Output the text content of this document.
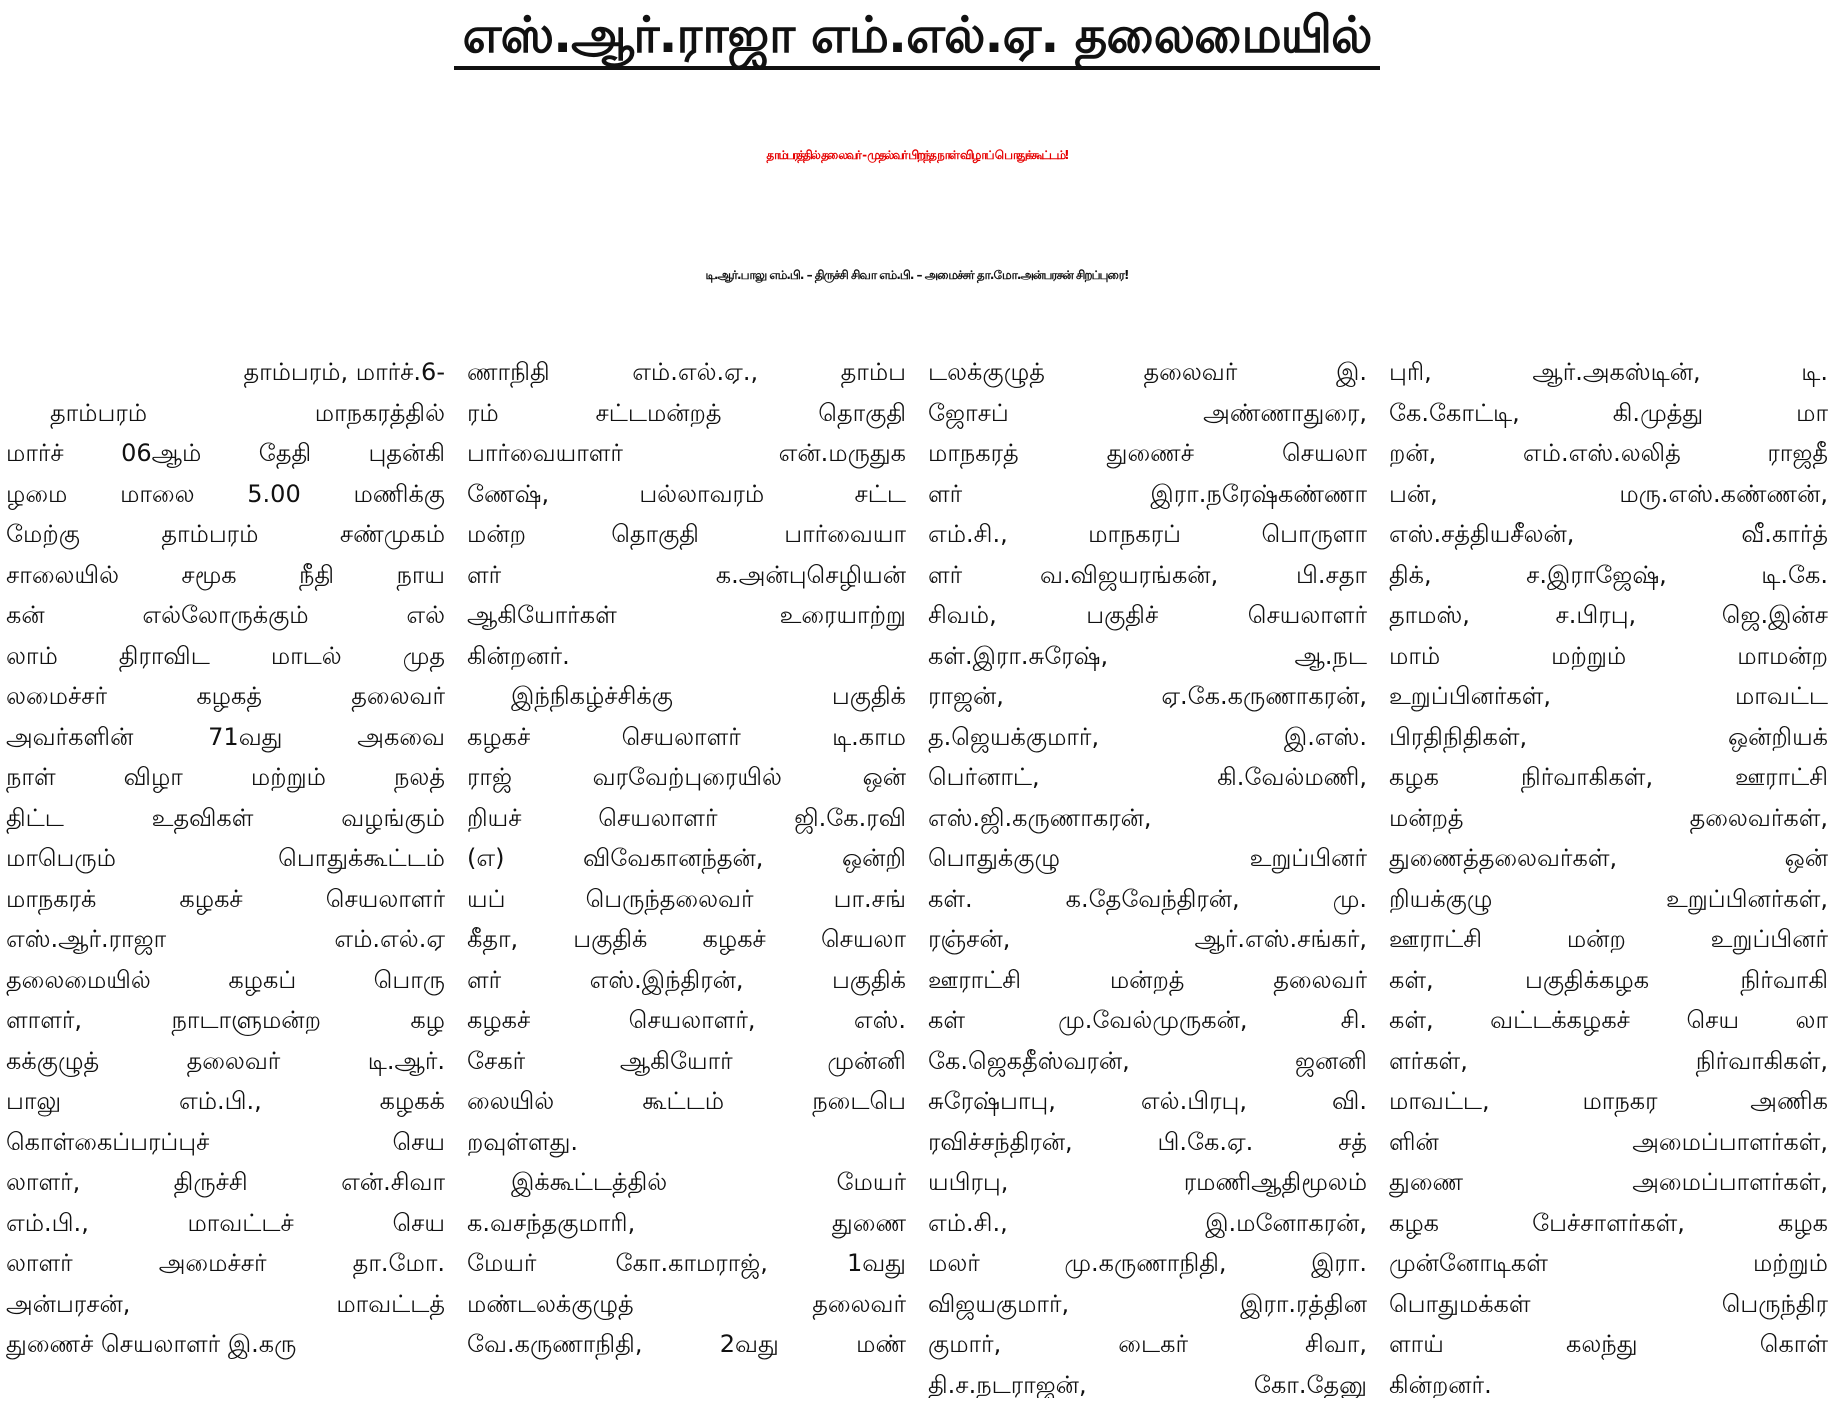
எஸ்.ஆர்.ராஜா எம்.எல்.ஏ. தலைமையில்
தாம்பரத்தில் தலைவர் - முதல்வர் பிறந்த நாள் விழாப் பொதுக்கூட்டம்!
டி.ஆர்.பாலு எம்.பி. – திருச்சி சிவா எம்.பி. – அமைச்சர் தா.மோ.அன்பரசன் சிறப்புரை!
தாம்பரம், மார்ச்.6-
தாம்பரம் மாநகரத்தில்
மார்ச் 06ஆம் தேதி புதன்கி
ழமை மாலை 5.00 மணிக்கு
மேற்கு தாம்பரம் சண்முகம்
சாலையில் சமூக நீதி நாய
கன் எல்லோருக்கும் எல்
லாம் திராவிட மாடல் முத
லமைச்சர் கழகத் தலைவர்
அவர்களின் 71வது அகவை
நாள் விழா மற்றும் நலத்
திட்ட உதவிகள் வழங்கும்
மாபெரும் பொதுக்கூட்டம்
மாநகரக் கழகச் செயலாளர்
எஸ்.ஆர்.ராஜா எம்.எல்.ஏ
தலைமையில் கழகப் பொரு
ளாளர், நாடாளுமன்ற கழ
கக்குழுத் தலைவர் டி.ஆர்.
பாலு எம்.பி., கழகக்
கொள்கைப்பரப்புச் செய
லாளர், திருச்சி என்.சிவா
எம்.பி., மாவட்டச் செய
லாளர் அமைச்சர் தா.மோ.
அன்பரசன், மாவட்டத்
துணைச் செயலாளர் இ.கரு
ணாநிதி எம்.எல்.ஏ., தாம்ப
ரம் சட்டமன்றத் தொகுதி
பார்வையாளர் என்.மருதுக
ணேஷ், பல்லாவரம் சட்ட
மன்ற தொகுதி பார்வையா
ளர் க.அன்புசெழியன்
ஆகியோர்கள் உரையாற்று
கின்றனர்.
இந்நிகழ்ச்சிக்கு பகுதிக்
கழகச் செயலாளர் டி.காம
ராஜ் வரவேற்புரையில் ஒன்
றியச் செயலாளர் ஜி.கே.ரவி
(எ) விவேகானந்தன், ஒன்றி
யப் பெருந்தலைவர் பா.சங்
கீதா, பகுதிக் கழகச் செயலா
ளர் எஸ்.இந்திரன், பகுதிக்
கழகச் செயலாளர், எஸ்.
சேகர் ஆகியோர் முன்னி
லையில் கூட்டம் நடைபெ
றவுள்ளது.
இக்கூட்டத்தில் மேயர்
க.வசந்தகுமாரி, துணை
மேயர் கோ.காமராஜ், 1வது
மண்டலக்குழுத் தலைவர்
வே.கருணாநிதி, 2வது மண்
டலக்குழுத் தலைவர் இ.
ஜோசப் அண்ணாதுரை,
மாநகரத் துணைச் செயலா
ளர் இரா.நரேஷ்கண்ணா
எம்.சி., மாநகரப் பொருளா
ளர் வ.விஜயரங்கன், பி.சதா
சிவம், பகுதிச் செயலாளர்
கள்.இரா.சுரேஷ், ஆ.நட
ராஜன், ஏ.கே.கருணாகரன்,
த.ஜெயக்குமார், இ.எஸ்.
பெர்னாட், கி.வேல்மணி,
எஸ்.ஜி.கருணாகரன்,
பொதுக்குழு உறுப்பினர்
கள். க.தேவேந்திரன், மு.
ரஞ்சன், ஆர்.எஸ்.சங்கர்,
ஊராட்சி மன்றத் தலைவர்
கள் மு.வேல்முருகன், சி.
கே.ஜெகதீஸ்வரன், ஜனனி
சுரேஷ்பாபு, எல்.பிரபு, வி.
ரவிச்சந்திரன், பி.கே.ஏ. சத்
யபிரபு, ரமணிஆதிமூலம்
எம்.சி., இ.மனோகரன்,
மலர் மு.கருணாநிதி, இரா.
விஜயகுமார், இரா.ரத்தின
குமார், டைகர் சிவா,
தி.ச.நடராஜன், கோ.தேனு
புரி, ஆர்.அகஸ்டின், டி.
கே.கோட்டி, கி.முத்து மா
றன், எம்.எஸ்.லலித் ராஜதீ
பன், மரு.எஸ்.கண்ணன்,
எஸ்.சத்தியசீலன், வீ.கார்த்
திக், ச.இராஜேஷ், டி.கே.
தாமஸ், ச.பிரபு, ஜெ.இன்ச
மாம் மற்றும் மாமன்ற
உறுப்பினர்கள், மாவட்ட
பிரதிநிதிகள், ஒன்றியக்
கழக நிர்வாகிகள், ஊராட்சி
மன்றத் தலைவர்கள்,
துணைத்தலைவர்கள், ஒன்
றியக்குழு உறுப்பினர்கள்,
ஊராட்சி மன்ற உறுப்பினர்
கள், பகுதிக்கழக நிர்வாகி
கள், வட்டக்கழகச் செய லா
ளர்கள், நிர்வாகிகள்,
மாவட்ட, மாநகர அணிக
ளின் அமைப்பாளர்கள்,
துணை அமைப்பாளர்கள்,
கழக பேச்சாளர்கள், கழக
முன்னோடிகள் மற்றும்
பொதுமக்கள் பெருந்திர
ளாய் கலந்து கொள்
கின்றனர்.
